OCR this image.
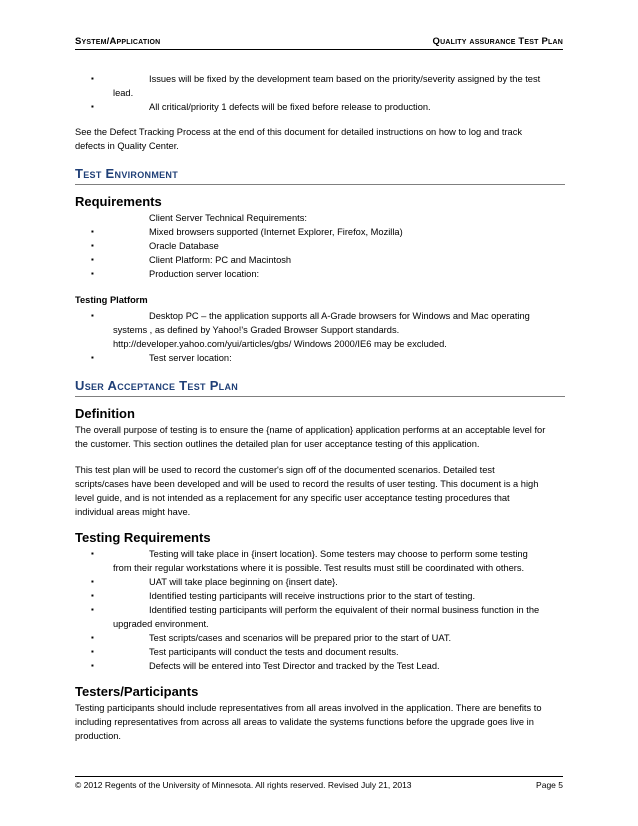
System/Application	Quality assurance Test Plan
▪ Issues will be fixed by the development team based on the priority/severity assigned by the test
lead.
▪ All critical/priority 1 defects will be fixed before release to production.

See the Defect Tracking Process at the end of this document for detailed instructions on how to log and track
defects in Quality Center.

Test Environment
Requirements

Client Server Technical Requirements:

▪ Mixed browsers supported (Internet Explorer, Firefox, Mozilla)
▪ Oracle Database
▪ Client Platform: PC and Macintosh
▪ Production server location:
Testing Platform
▪ Desktop PC – the application supports all A-Grade browsers for Windows and Mac operating
systems , as defined by Yahoo!'s Graded Browser Support standards.
http://developer.yahoo.com/yui/articles/gbs/ Windows 2000/IE6 may be excluded.
▪ Test server location:
User Acceptance Test Plan
Definition

The overall purpose of testing is to ensure the {name of application} application performs at an acceptable level for
the customer. This section outlines the detailed plan for user acceptance testing of this application.

This test plan will be used to record the customer's sign off of the documented scenarios. Detailed test
scripts/cases have been developed and will be used to record the results of user testing. This document is a high
level guide, and is not intended as a replacement for any specific user acceptance testing procedures that
individual areas might have.

Testing Requirements
▪ Testing will take place in {insert location}. Some testers may choose to perform some testing
from their regular workstations where it is possible. Test results must still be coordinated with others.
▪ UAT will take place beginning on {insert date}.
▪ Identified testing participants will receive instructions prior to the start of testing.
▪ Identified testing participants will perform the equivalent of their normal business function in the
upgraded environment.
▪ Test scripts/cases and scenarios will be prepared prior to the start of UAT.
▪ Test participants will conduct the tests and document results.
▪ Defects will be entered into Test Director and tracked by the Test Lead.
Testers/Participants

Testing participants should include representatives from all areas involved in the application. There are benefits to
including representatives from across all areas to validate the systems functions before the upgrade goes live in
production.

© 2012 Regents of the University of Minnesota. All rights reserved. Revised July 21, 2013	Page 5
